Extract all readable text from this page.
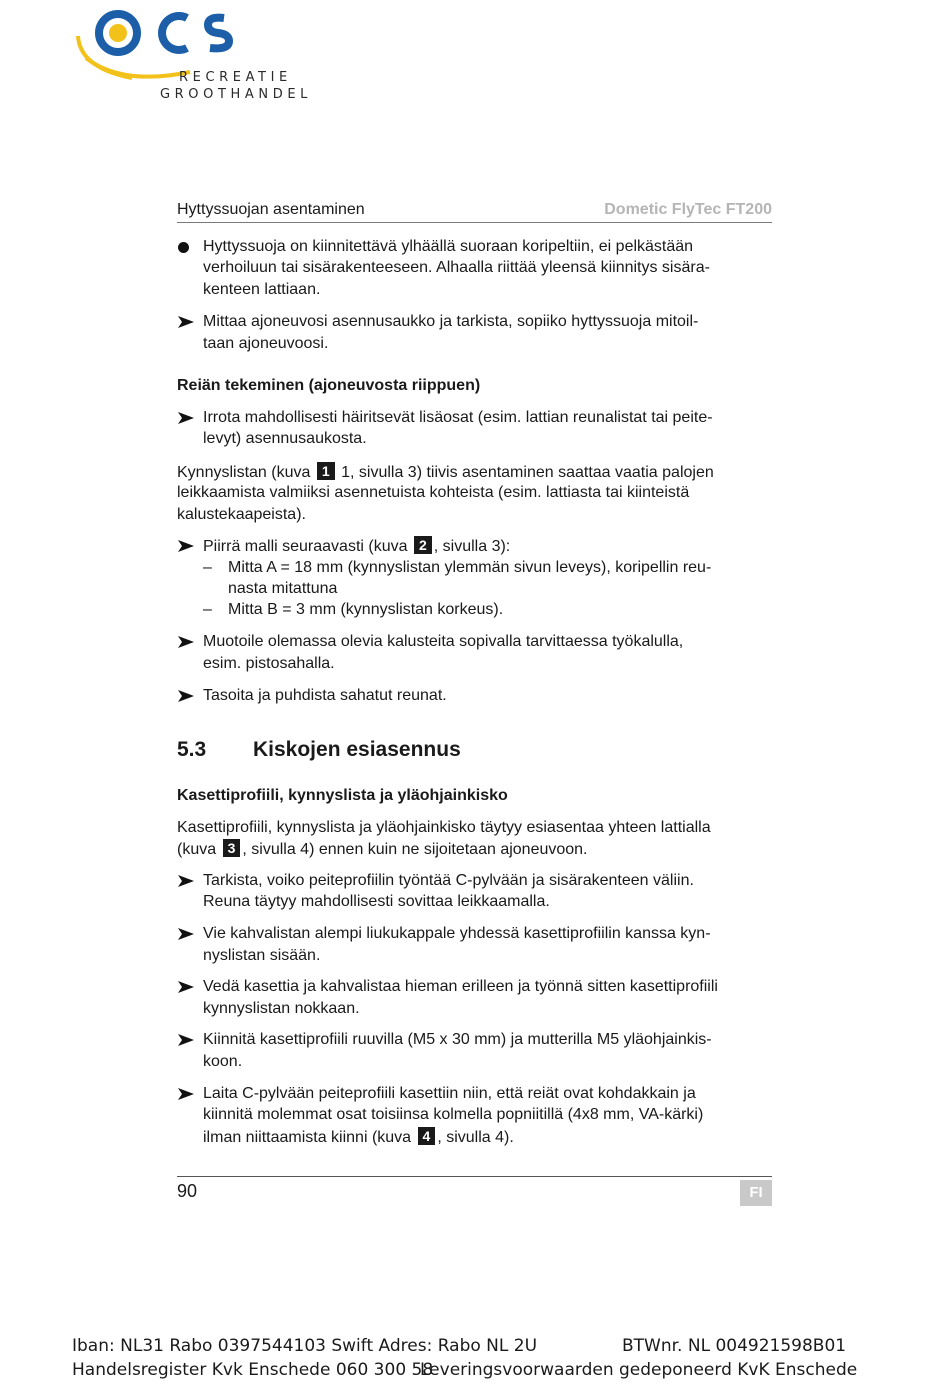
RECREATIE
GROOTHANDEL
Hyttyssuojan asentaminen	Dometic FlyTec FT200
Hyttyssuoja on kiinnitettävä ylhäällä suoraan koripeltiin, ei pelkästään
verhoiluun tai sisärakenteeseen. Alhaalla riittää yleensä kiinnitys sisära-
kenteen lattiaan.
Mittaa ajoneuvosi asennusaukko ja tarkista, sopiiko hyttyssuoja mitoil-
taan ajoneuvoosi.
Reiän tekeminen (ajoneuvosta riippuen)
Irrota mahdollisesti häiritsevät lisäosat (esim. lattian reunalistat tai peite-
levyt) asennusaukosta.
Kynnyslistan (kuva 1 1, sivulla 3) tiivis asentaminen saattaa vaatia palojen
leikkaamista valmiiksi asennetuista kohteista (esim. lattiasta tai kiinteistä
kalustekaapeista).
Piirrä malli seuraavasti (kuva 2 , sivulla 3):
– Mitta A = 18 mm (kynnyslistan ylemmän sivun leveys), koripellin reu-
nasta mitattuna
– Mitta B = 3 mm (kynnyslistan korkeus).
Muotoile olemassa olevia kalusteita sopivalla tarvittaessa työkalulla,
esim. pistosahalla.
Tasoita ja puhdista sahatut reunat.
5.3 Kiskojen esiasennus
Kasettiprofiili, kynnyslista ja yläohjainkisko
Kasettiprofiili, kynnyslista ja yläohjainkisko täytyy esiasentaa yhteen lattialla
(kuva 3 , sivulla 4) ennen kuin ne sijoitetaan ajoneuvoon.
Tarkista, voiko peiteprofiilin työntää C-pylvään ja sisärakenteen väliin.
Reuna täytyy mahdollisesti sovittaa leikkaamalla.
Vie kahvalistan alempi liukukappale yhdessä kasettiprofiilin kanssa kyn-
nyslistan sisään.
Vedä kasettia ja kahvalistaa hieman erilleen ja työnnä sitten kasettiprofiili
kynnyslistan nokkaan.
Kiinnitä kasettiprofiili ruuvilla (M5 x 30 mm) ja mutterilla M5 yläohjainkis-
koon.
Laita C-pylvään peiteprofiili kasettiin niin, että reiät ovat kohdakkain ja
kiinnitä molemmat osat toisiinsa kolmella popniitillä (4x8 mm, VA-kärki)
ilman niittaamista kiinni (kuva 4 , sivulla 4).
90	FI
Iban: NL31 Rabo 0397544103 Swift Adres: Rabo NL 2U	BTWnr. NL 004921598B01
Handelsregister Kvk Enschede 060 300 58
Leveringsvoorwaarden gedeponeerd KvK Enschede
